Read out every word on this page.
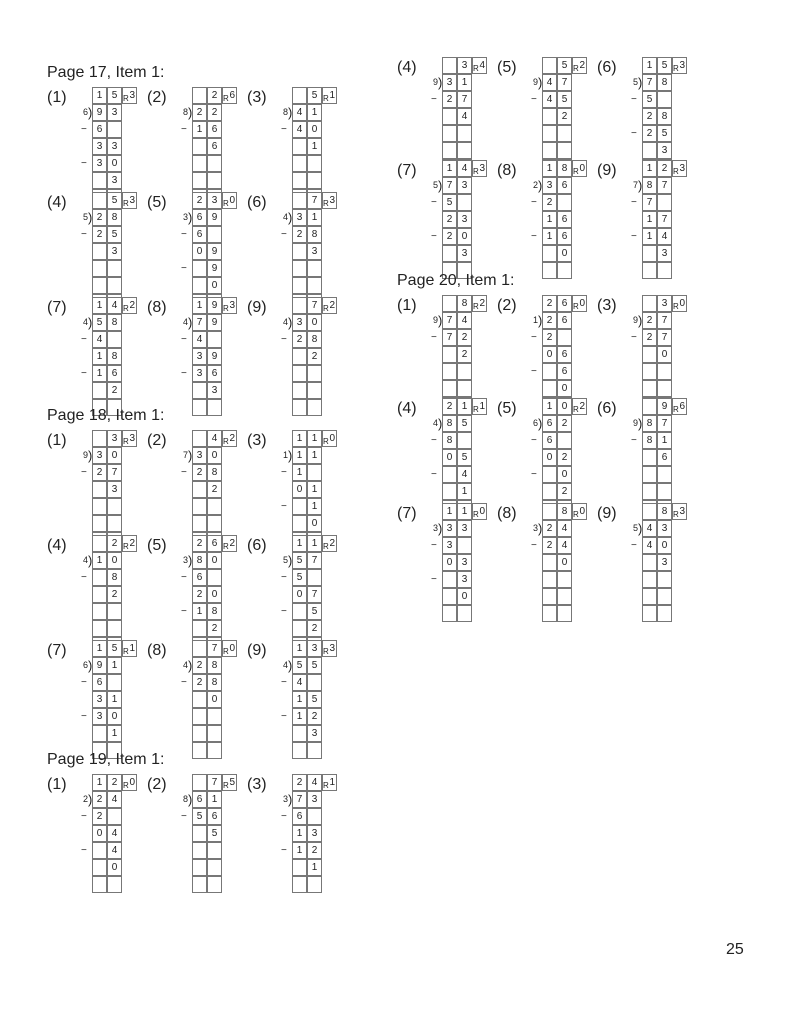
Page 17, Item 1:
(1)	1 5	3
R
6 ) 9 3
6
−
3 3
3 0
−
3
(2)	2	6
R
8 ) 2 2
1 6
−
6
(3)	5	1
R
8 ) 4 1
4 0
−
1
(4)	5	3
R
5 ) 2 8
2 5
−
3
(5)	2 3	0
R
3 ) 6 9
6
−
0 9
9
−
0
(6)	7	3
R
4 ) 3 1
2 8
−
3
(7)	1 4	2
R
4 ) 5 8
4
−
1 8
1 6
−
2
(8)	1 9	3
R
4 ) 7 9
4
−
3 9
3 6
−
3
(9)	7	2
R
4 ) 3 0
2 8
−
2
Page 18, Item 1:
(1)	3	3
R
9 ) 3 0
2 7
−
3
(2)	4	2
R
7 ) 3 0
2 8
−
2
(3)	1 1	0
R
1 ) 1 1
1
−
0 1
1
−
0
(4)	2	2
R
4 ) 1 0
8
−
2
(5)	2 6	2
R
3 ) 8 0
6
−
2 0
1 8
−
2
(6)	1 1	2
R
5 ) 5 7
5
−
0 7
5
−
2
(7)	1 5	1
R
6 ) 9 1
6
−
3 1
3 0
−
1
(8)	7	0
R
4 ) 2 8
2 8
−
0
(9)	1 3	3
R
4 ) 5 5
4
−
1 5
1 2
−
3
Page 19, Item 1:
(1)	1 2	0
R
2 ) 2 4
2
−
0 4
4
−
0
(2)	7	5
R
8 ) 6 1
5 6
−
5
(3)	2 4	1
R
3 ) 7 3
6
−
1 3
1 2
−
1
(4)	3	4
R
9 ) 3 1
2 7
−
4
(5)	5	2
R
9 ) 4 7
4 5
−
2
(6)	1 5	3
R
5 ) 7 8
5
−
2 8
2 5
−
3
(7)	1 4	3
R
5 ) 7 3
5
−
2 3
2 0
−
3
(8)	1 8	0
R
2 ) 3 6
2
−
1 6
1 6
−
0
(9)	1 2	3
R
7 ) 8 7
7
−
1 7
1 4
−
3
Page 20, Item 1:
(1)	8	2
R
9 ) 7 4
7 2
−
2
(2)	2 6	0
R
1 ) 2 6
2
−
0 6
6
−
0
(3)	3	0
R
9 ) 2 7
2 7
−
0
(4)	2 1	1
R
4 ) 8 5
8
−
0 5
4
−
1
(5)	1 0	2
R
6 ) 6 2
6
−
0 2
0
−
2
(6)	9	6
R
9 ) 8 7
8 1
−
6
(7)	1 1	0
R
3 ) 3 3
3
−
0 3
3
−
0
(8)	8	0
R
3 ) 2 4
2 4
−
0
(9)	8	3
R
5 ) 4 3
4 0
−
3
25
